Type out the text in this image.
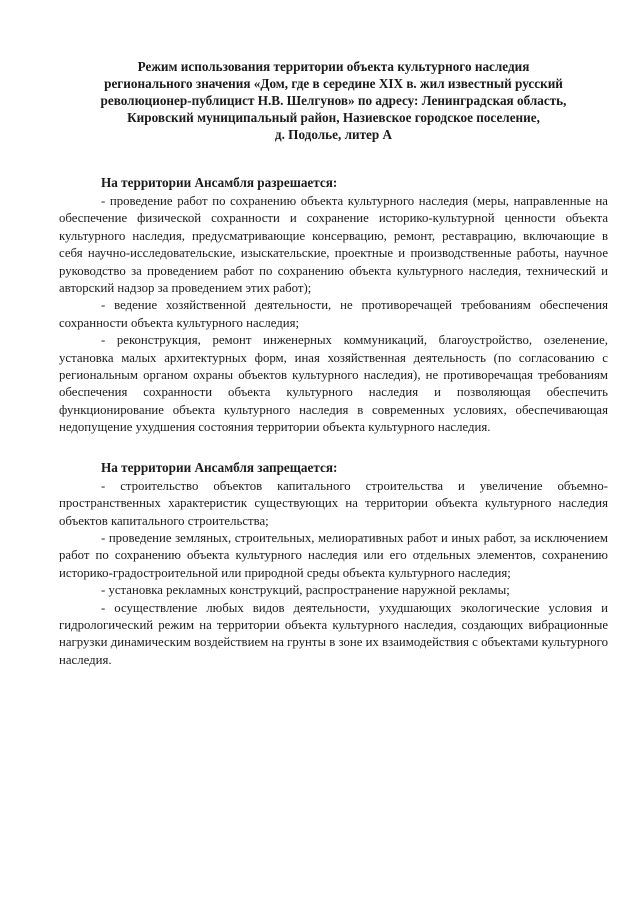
Режим использования территории объекта культурного наследия
регионального значения «Дом, где в середине XIX в. жил известный русский
революционер-публицист Н.В. Шелгунов» по адресу: Ленинградская область,
Кировский муниципальный район, Назиевское городское поселение,
д. Подолье, литер А

На территории Ансамбля разрешается:

- проведение работ по сохранению объекта культурного наследия (меры, направленные на обеспечение физической сохранности и сохранение историко-культурной ценности объекта культурного наследия, предусматривающие консервацию, ремонт, реставрацию, включающие в себя научно-исследовательские, изыскательские, проектные и производственные работы, научное руководство за проведением работ по сохранению объекта культурного наследия, технический и авторский надзор за проведением этих работ);

- ведение хозяйственной деятельности, не противоречащей требованиям обеспечения сохранности объекта культурного наследия;

- реконструкция, ремонт инженерных коммуникаций, благоустройство, озеленение, установка малых архитектурных форм, иная хозяйственная деятельность (по согласованию с региональным органом охраны объектов культурного наследия), не противоречащая требованиям обеспечения сохранности объекта культурного наследия и позволяющая обеспечить функционирование объекта культурного наследия в современных условиях, обеспечивающая недопущение ухудшения состояния территории объекта культурного наследия.

На территории Ансамбля запрещается:

- строительство объектов капитального строительства и увеличение объемно-пространственных характеристик существующих на территории объекта культурного наследия объектов капитального строительства;

- проведение земляных, строительных, мелиоративных работ и иных работ, за исключением работ по сохранению объекта культурного наследия или его отдельных элементов, сохранению историко-градостроительной или природной среды объекта культурного наследия;

- установка рекламных конструкций, распространение наружной рекламы;

- осуществление любых видов деятельности, ухудшающих экологические условия и гидрологический режим на территории объекта культурного наследия, создающих вибрационные нагрузки динамическим воздействием на грунты в зоне их взаимодействия с объектами культурного наследия.
